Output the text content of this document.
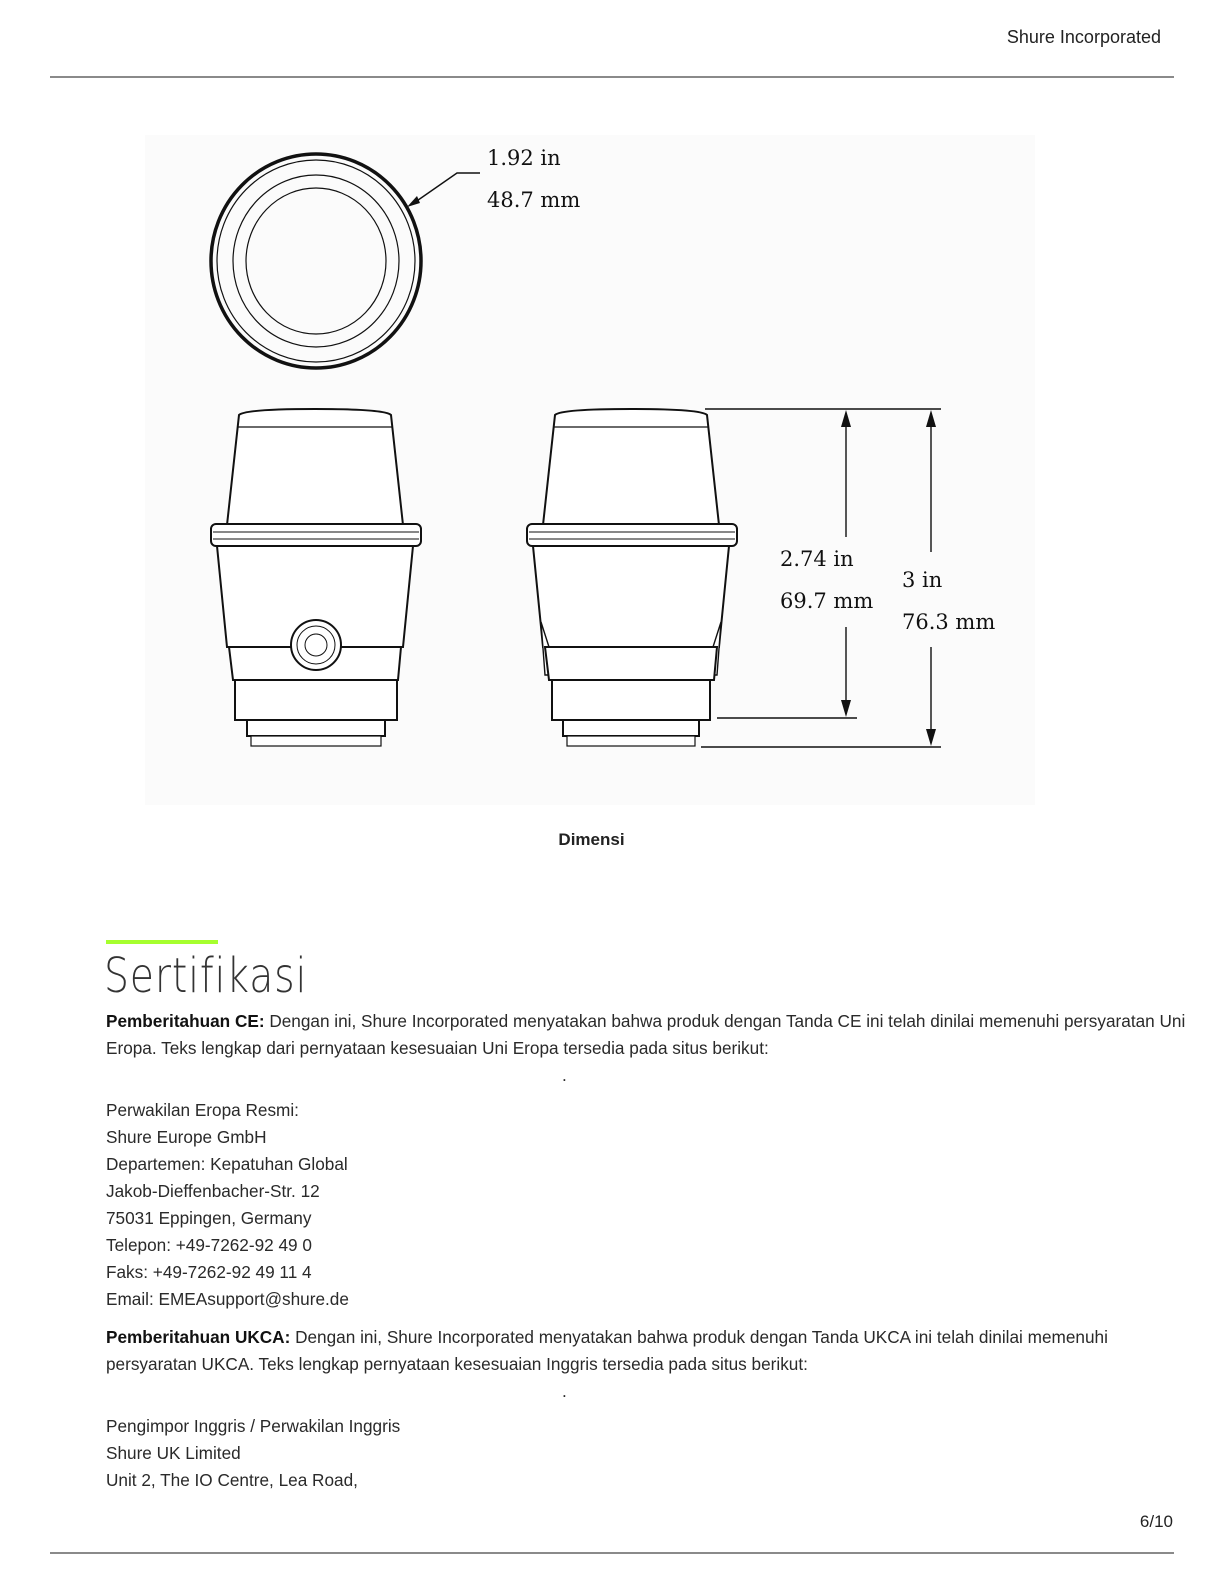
Shure Incorporated
1.92 in
48.7 mm
2.74 in
69.7 mm
3 in
76.3 mm
Dimensi
Sertifikasi

Pemberitahuan CE: Dengan ini, Shure Incorporated menyatakan bahwa produk dengan Tanda CE ini telah dinilai memenuhi persyaratan Uni Eropa. Teks lengkap dari pernyataan kesesuaian Uni Eropa tersedia pada situs berikut:

.

Perwakilan Eropa Resmi:

Shure Europe GmbH

Departemen: Kepatuhan Global

Jakob-Dieffenbacher-Str. 12

75031 Eppingen, Germany

Telepon: +49-7262-92 49 0

Faks: +49-7262-92 49 11 4

Email: EMEAsupport@shure.de

Pemberitahuan UKCA: Dengan ini, Shure Incorporated menyatakan bahwa produk dengan Tanda UKCA ini telah dinilai memenuhi persyaratan UKCA. Teks lengkap pernyataan kesesuaian Inggris tersedia pada situs berikut:

.

Pengimpor Inggris / Perwakilan Inggris

Shure UK Limited

Unit 2, The IO Centre, Lea Road,

6/10
